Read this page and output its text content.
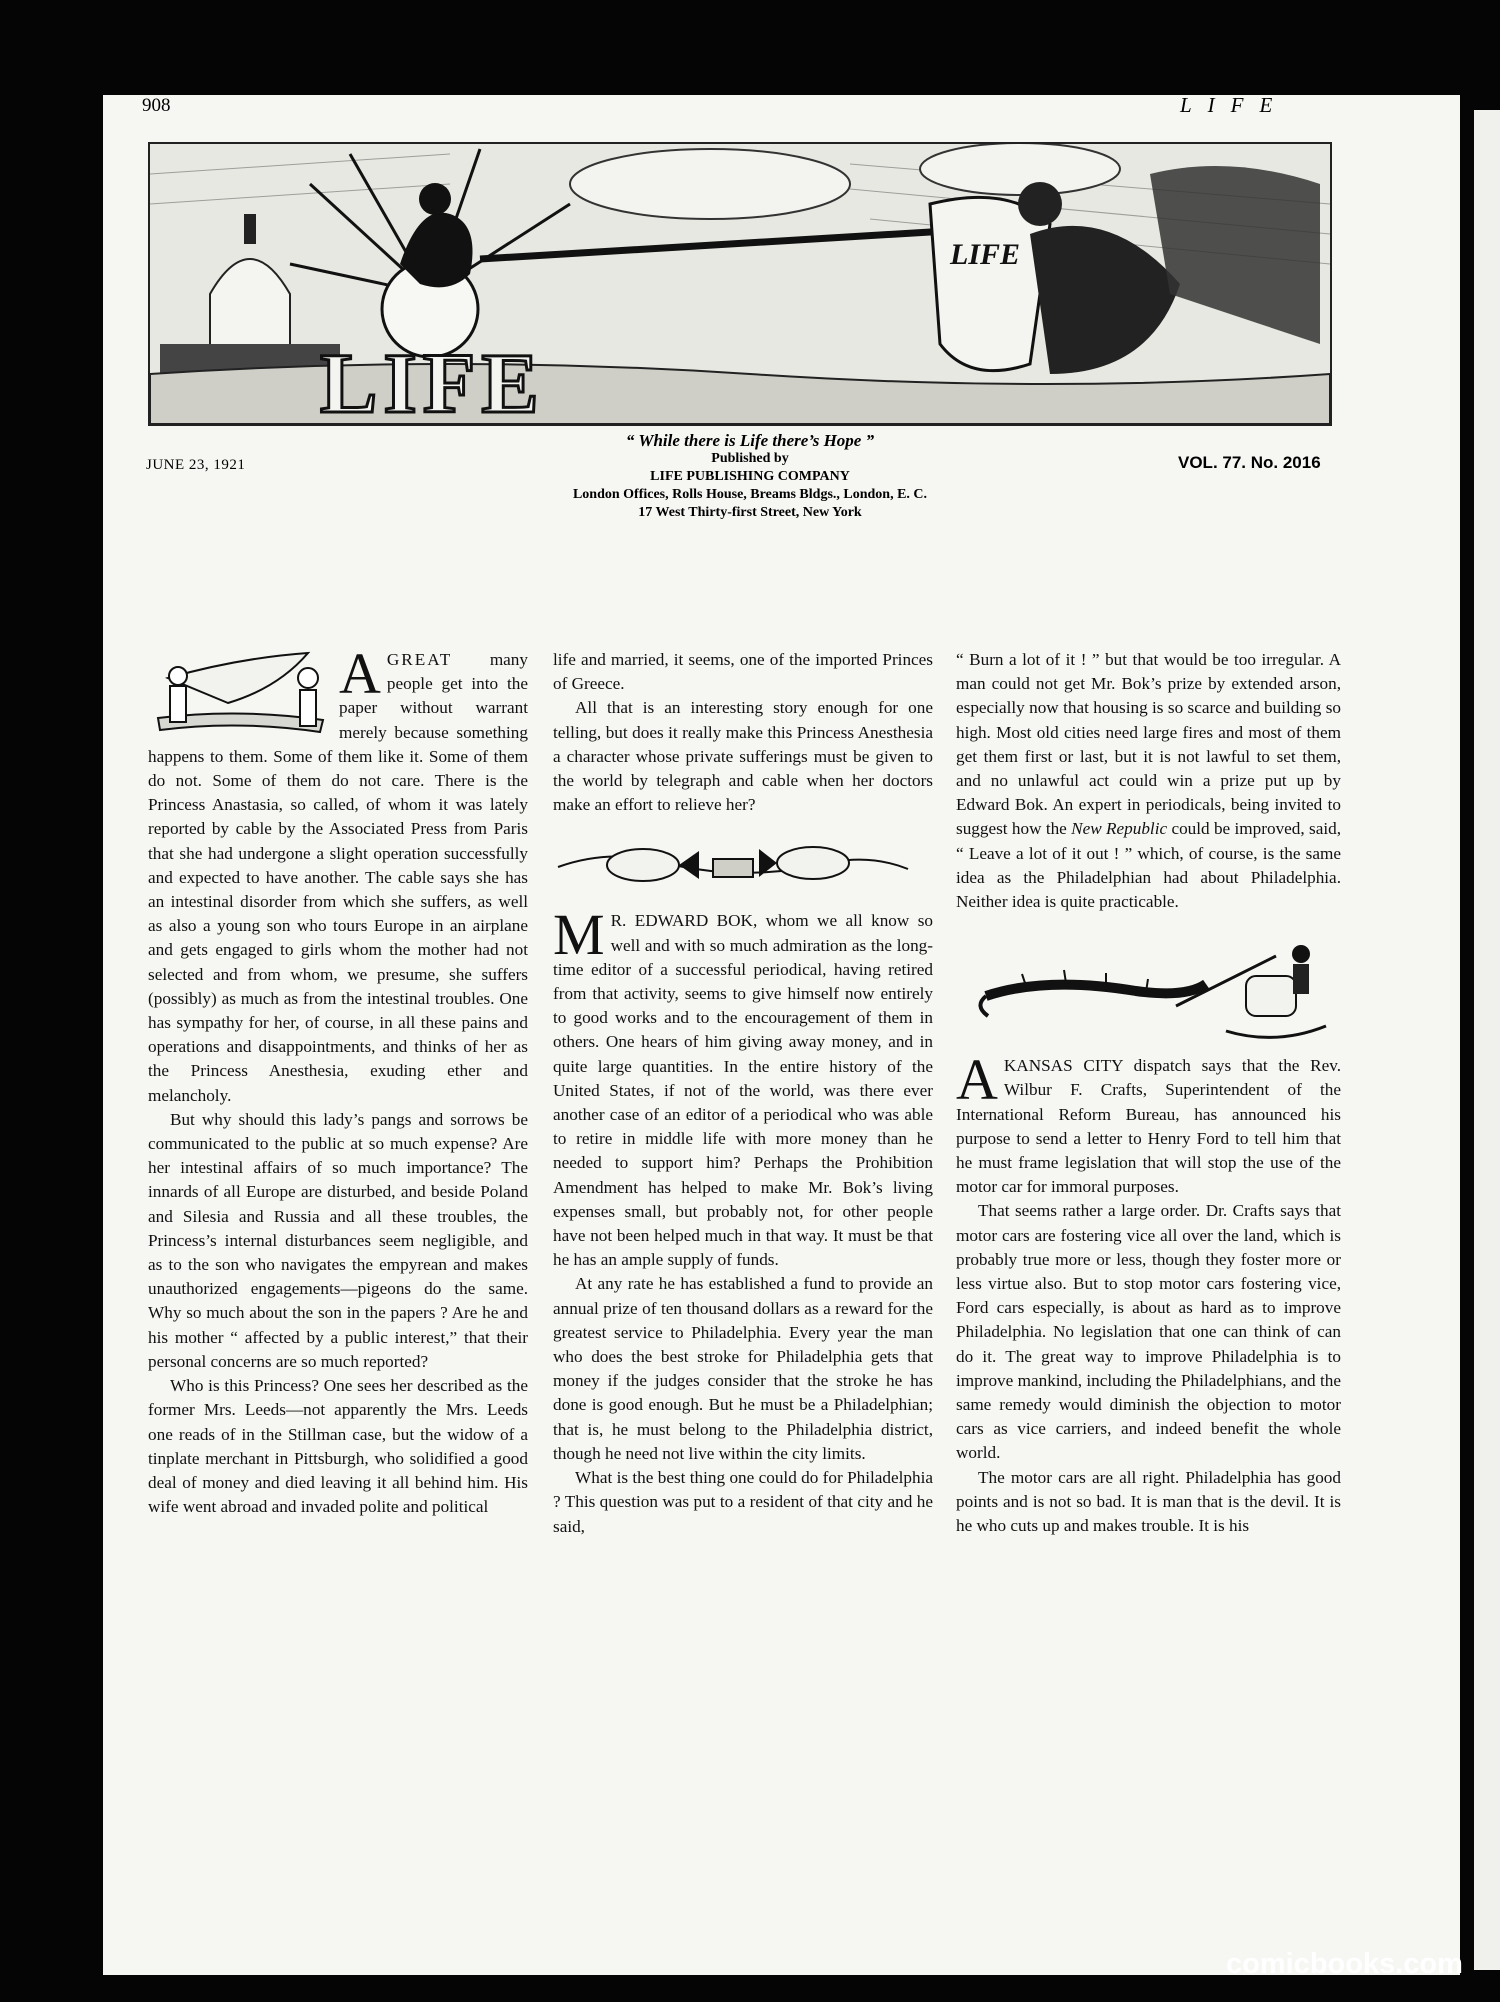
908	LIFE
LIFE
LIFE
JUNE 23, 1921	VOL. 77. No. 2016
“ While there is Life there’s Hope ”
Published by
LIFE PUBLISHING COMPANY
London Offices, Rolls House, Breams Bldgs., London, E. C.
17 West Thirty-first Street, New York

AGREAT many people get into the paper without warrant merely because something happens to them. Some of them like it. Some of them do not. Some of them do not care. There is the Princess Anastasia, so called, of whom it was lately reported by cable by the Associated Press from Paris that she had undergone a slight operation successfully and expected to have another. The cable says she has an intestinal disorder from which she suffers, as well as also a young son who tours Europe in an airplane and gets engaged to girls whom the mother had not selected and from whom, we presume, she suffers (possibly) as much as from the intestinal troubles. One has sympathy for her, of course, in all these pains and operations and disappointments, and thinks of her as the Princess Anesthesia, exuding ether and melancholy.

But why should this lady’s pangs and sorrows be communicated to the public at so much expense? Are her intestinal affairs of so much importance? The innards of all Europe are disturbed, and beside Poland and Silesia and Russia and all these troubles, the Princess’s internal disturbances seem negligible, and as to the son who navigates the empyrean and makes unauthorized engagements—pigeons do the same. Why so much about the son in the papers ? Are he and his mother “ affected by a public interest,” that their personal concerns are so much reported?

Who is this Princess? One sees her described as the former Mrs. Leeds—not apparently the Mrs. Leeds one reads of in the Stillman case, but the widow of a tinplate merchant in Pittsburgh, who solidified a good deal of money and died leaving it all behind him. His wife went abroad and invaded polite and political

life and married, it seems, one of the imported Princes of Greece.

All that is an interesting story enough for one telling, but does it really make this Princess Anesthesia a character whose private sufferings must be given to the world by telegraph and cable when her doctors make an effort to relieve her?

M R. EDWARD BOK, whom we all know so well and with so much admiration as the long-time editor of a successful periodical, having retired from that activity, seems to give himself now entirely to good works and to the encouragement of them in others. One hears of him giving away money, and in quite large quantities. In the entire history of the United States, if not of the world, was there ever another case of an editor of a periodical who was able to retire in middle life with more money than he needed to support him? Perhaps the Prohibition Amendment has helped to make Mr. Bok’s living expenses small, but probably not, for other people have not been helped much in that way. It must be that he has an ample supply of funds.

At any rate he has established a fund to provide an annual prize of ten thousand dollars as a reward for the greatest service to Philadelphia. Every year the man who does the best stroke for Philadelphia gets that money if the judges consider that the stroke he has done is good enough. But he must be a Philadelphian; that is, he must belong to the Philadelphia district, though he need not live within the city limits.

What is the best thing one could do for Philadelphia ? This question was put to a resident of that city and he said,

“ Burn a lot of it ! ” but that would be too irregular. A man could not get Mr. Bok’s prize by extended arson, especially now that housing is so scarce and building so high. Most old cities need large fires and most of them get them first or last, but it is not lawful to set them, and no unlawful act could win a prize put up by Edward Bok. An expert in periodicals, being invited to suggest how the New Republic could be improved, said, “ Leave a lot of it out ! ” which, of course, is the same idea as the Philadelphian had about Philadelphia. Neither idea is quite practicable.

A KANSAS CITY dispatch says that the Rev. Wilbur F. Crafts, Superintendent of the International Reform Bureau, has announced his purpose to send a letter to Henry Ford to tell him that he must frame legislation that will stop the use of the motor car for immoral purposes.

That seems rather a large order. Dr. Crafts says that motor cars are fostering vice all over the land, which is probably true more or less, though they foster more or less virtue also. But to stop motor cars fostering vice, Ford cars especially, is about as hard as to improve Philadelphia. No legislation that one can think of can do it. The great way to improve Philadelphia is to improve mankind, including the Philadelphians, and the same remedy would diminish the objection to motor cars as vice carriers, and indeed benefit the whole world.

The motor cars are all right. Philadelphia has good points and is not so bad. It is man that is the devil. It is he who cuts up and makes trouble. It is his

comicbooks.com
